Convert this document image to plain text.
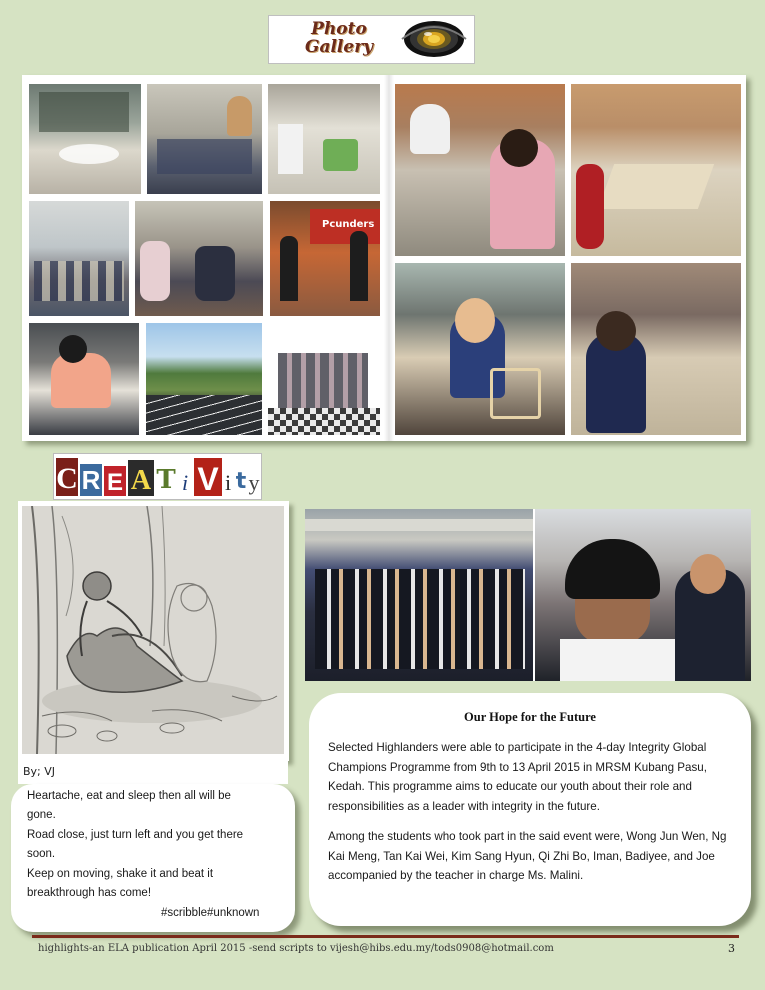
Photo
Gallery
Pcunders
C R E A T i V i t y
By; VJ
Heartache, eat and sleep then all will be
gone.
Road close, just turn left and you get there
soon.
Keep on moving, shake it and beat it
breakthrough has come!
#scribble#unknown
Our Hope for the Future
Selected Highlanders were able to participate in the 4-day Integrity Global Champions Programme from 9th to 13 April 2015 in MRSM Kubang Pasu, Kedah. This programme aims to educate our youth about their role and responsibilities as a leader with integrity in the future.
Among the students who took part in the said event were, Wong Jun Wen, Ng Kai Meng, Tan Kai Wei, Kim Sang Hyun, Qi Zhi Bo, Iman, Badiyee, and Joe accompanied by the teacher in charge Ms. Malini.
highlights-an ELA publication April 2015 -send scripts to vijesh@hibs.edu.my/tods0908@hotmail.com	3
